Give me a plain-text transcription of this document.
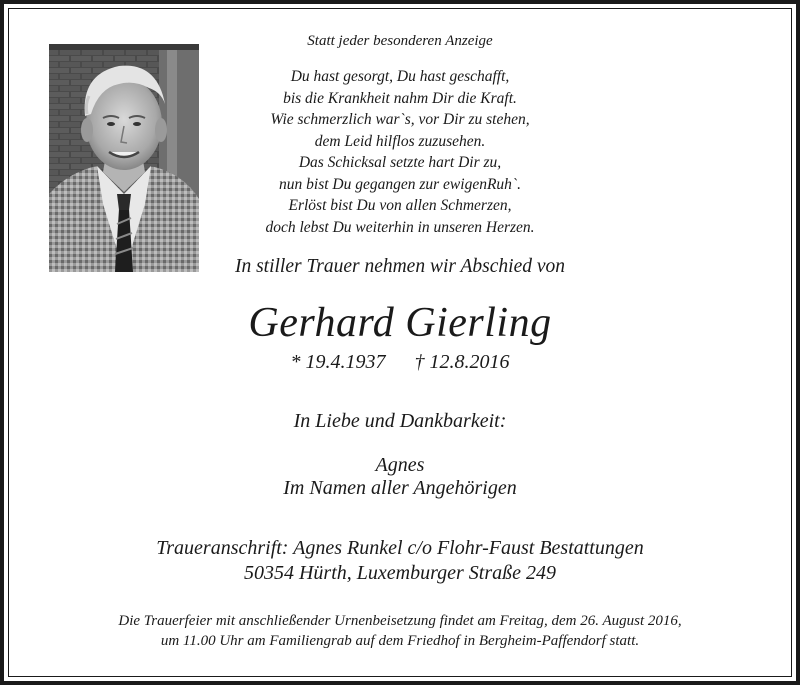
Statt jeder besonderen Anzeige
Du hast gesorgt, Du hast geschafft,
bis die Krankheit nahm Dir die Kraft.
Wie schmerzlich war`s, vor Dir zu stehen,
dem Leid hilflos zuzusehen.
Das Schicksal setzte hart Dir zu,
nun bist Du gegangen zur ewigenRuh`.
Erlöst bist Du von allen Schmerzen,
doch lebst Du weiterhin in unseren Herzen.
In stiller Trauer nehmen wir Abschied von
Gerhard Gierling
* 19.4.1937 † 12.8.2016
In Liebe und Dankbarkeit:
Agnes
Im Namen aller Angehörigen
Traueranschrift: Agnes Runkel c/o Flohr-Faust Bestattungen
50354 Hürth, Luxemburger Straße 249
Die Trauerfeier mit anschließender Urnenbeisetzung findet am Freitag, dem 26. August 2016,
um 11.00 Uhr am Familiengrab auf dem Friedhof in Bergheim-Paffendorf statt.
